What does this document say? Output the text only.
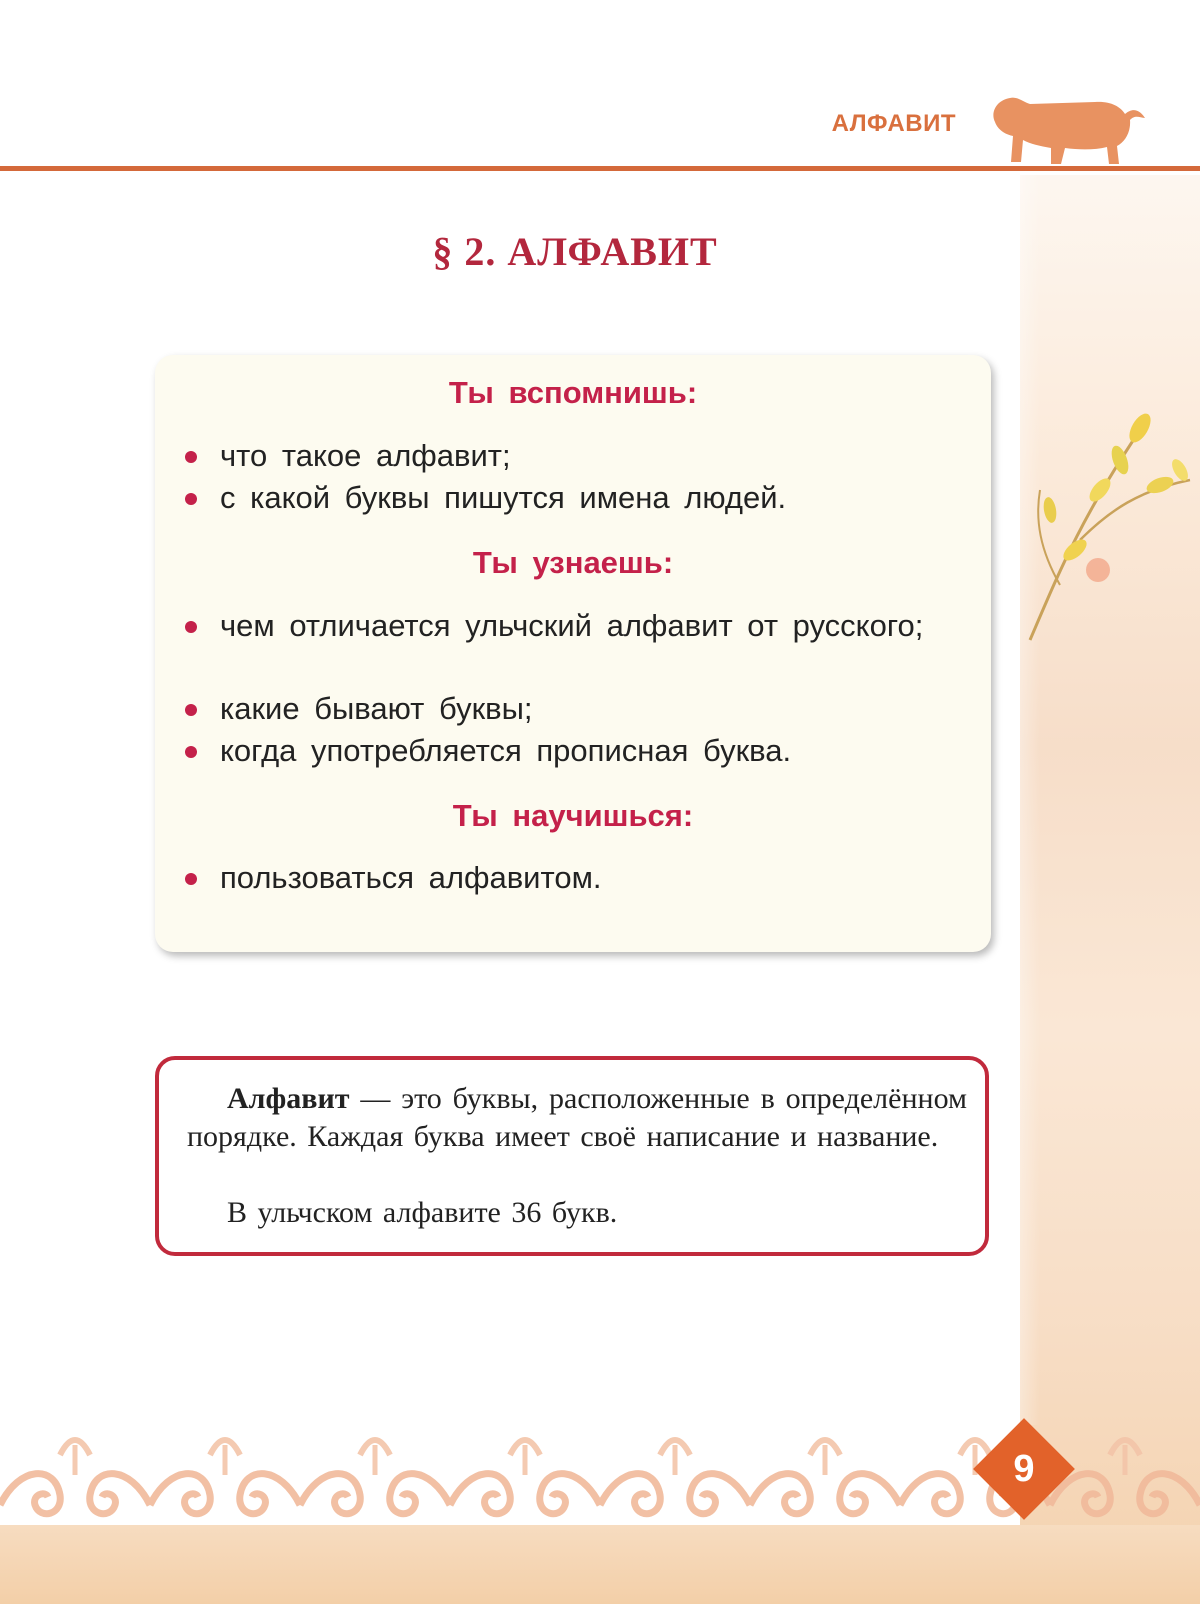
АЛФАВИТ
§ 2. АЛФАВИТ
Ты вспомнишь:
что такое алфавит;
с какой буквы пишутся имена людей.
Ты узнаешь:
чем отличается ульчский алфавит от русского;
какие бывают буквы;
когда употребляется прописная буква.
Ты научишься:
пользоваться алфавитом.
Алфавит — это буквы, расположенные в определённом порядке. Каждая буква имеет своё написание и название.
В ульчском алфавите 36 букв.
9
